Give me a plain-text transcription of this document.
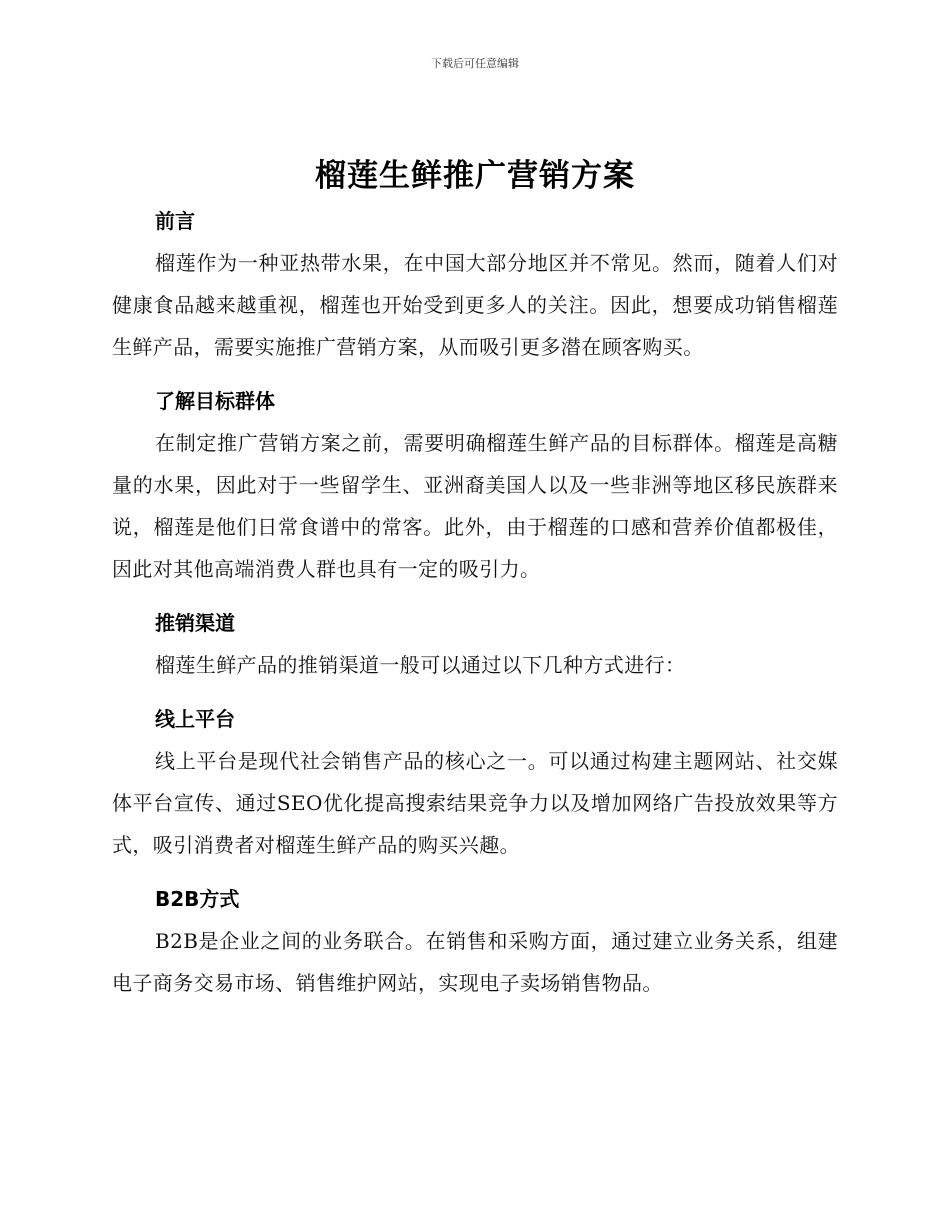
下载后可任意编辑
榴莲生鲜推广营销方案

前言

榴莲作为一种亚热带水果，在中国大部分地区并不常见。然而，随着人们对健康食品越来越重视，榴莲也开始受到更多人的关注。因此，想要成功销售榴莲生鲜产品，需要实施推广营销方案，从而吸引更多潜在顾客购买。

了解目标群体

在制定推广营销方案之前，需要明确榴莲生鲜产品的目标群体。榴莲是高糖量的水果，因此对于一些留学生、亚洲裔美国人以及一些非洲等地区移民族群来说，榴莲是他们日常食谱中的常客。此外，由于榴莲的口感和营养价值都极佳，因此对其他高端消费人群也具有一定的吸引力。

推销渠道

榴莲生鲜产品的推销渠道一般可以通过以下几种方式进行：

线上平台

线上平台是现代社会销售产品的核心之一。可以通过构建主题网站、社交媒体平台宣传、通过SEO优化提高搜索结果竞争力以及增加网络广告投放效果等方式，吸引消费者对榴莲生鲜产品的购买兴趣。

B2B方式

B2B是企业之间的业务联合。在销售和采购方面，通过建立业务关系，组建电子商务交易市场、销售维护网站，实现电子卖场销售物品。
